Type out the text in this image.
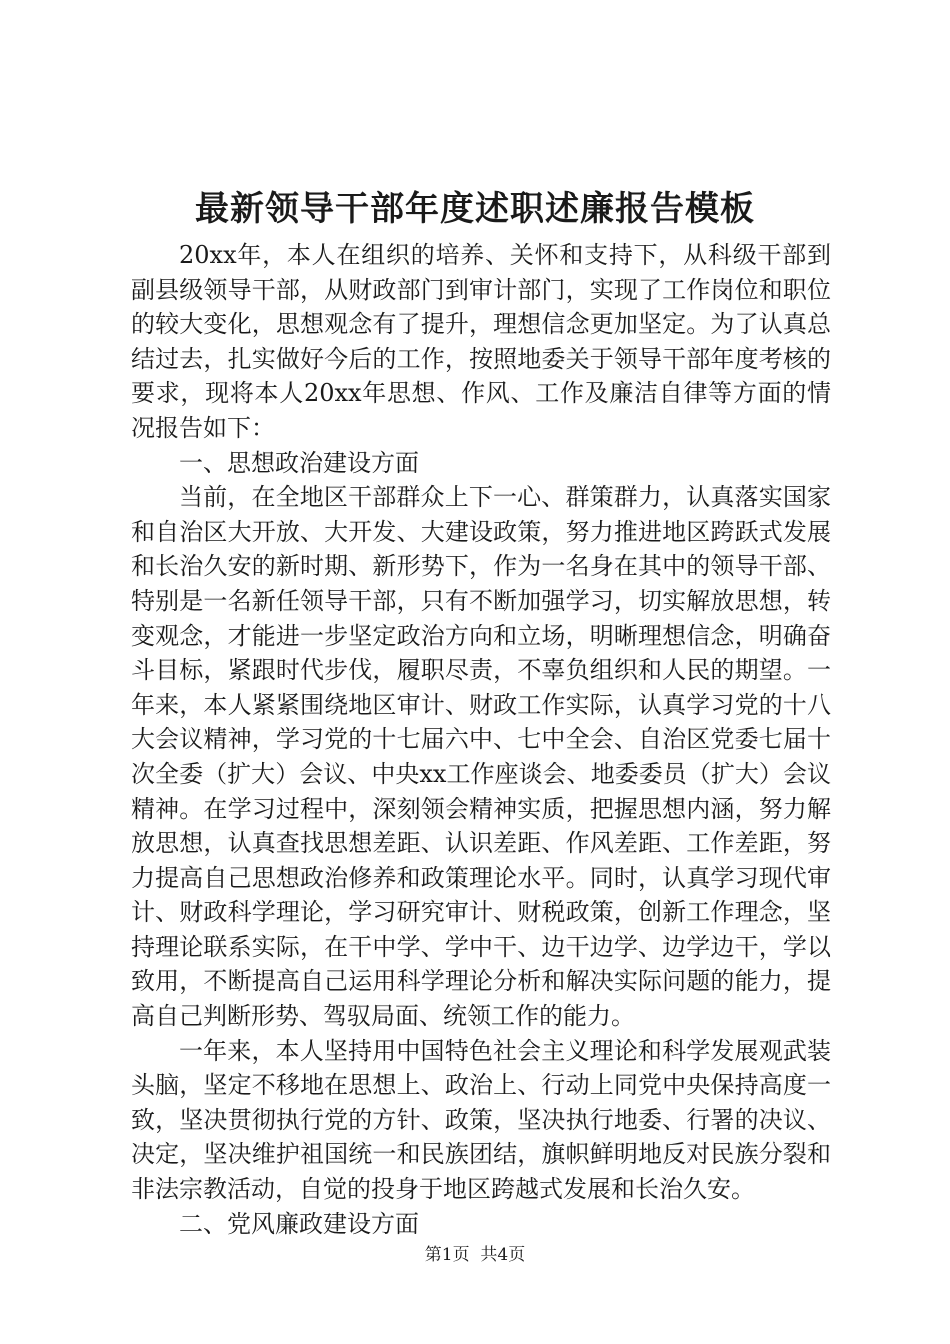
最新领导干部年度述职述廉报告模板

20xx年，本人在组织的培养、关怀和支持下，从科级干部到副县级领导干部，从财政部门到审计部门，实现了工作岗位和职位的较大变化，思想观念有了提升，理想信念更加坚定。为了认真总结过去，扎实做好今后的工作，按照地委关于领导干部年度考核的要求，现将本人20xx年思想、作风、工作及廉洁自律等方面的情况报告如下：

一、思想政治建设方面

当前，在全地区干部群众上下一心、群策群力，认真落实国家和自治区大开放、大开发、大建设政策，努力推进地区跨跃式发展和长治久安的新时期、新形势下，作为一名身在其中的领导干部、特别是一名新任领导干部，只有不断加强学习，切实解放思想，转变观念，才能进一步坚定政治方向和立场，明晰理想信念，明确奋斗目标，紧跟时代步伐，履职尽责，不辜负组织和人民的期望。一年来，本人紧紧围绕地区审计、财政工作实际，认真学习党的十八大会议精神，学习党的十七届六中、七中全会、自治区党委七届十次全委（扩大）会议、中央xx工作座谈会、地委委员（扩大）会议精神。在学习过程中，深刻领会精神实质，把握思想内涵，努力解放思想，认真查找思想差距、认识差距、作风差距、工作差距，努力提高自己思想政治修养和政策理论水平。同时，认真学习现代审计、财政科学理论，学习研究审计、财税政策，创新工作理念，坚持理论联系实际，在干中学、学中干、边干边学、边学边干，学以致用，不断提高自己运用科学理论分析和解决实际问题的能力，提高自己判断形势、驾驭局面、统领工作的能力。

一年来，本人坚持用中国特色社会主义理论和科学发展观武装头脑，坚定不移地在思想上、政治上、行动上同党中央保持高度一致，坚决贯彻执行党的方针、政策，坚决执行地委、行署的决议、决定，坚决维护祖国统一和民族团结，旗帜鲜明地反对民族分裂和非法宗教活动，自觉的投身于地区跨越式发展和长治久安。

二、党风廉政建设方面

第1页 共4页
